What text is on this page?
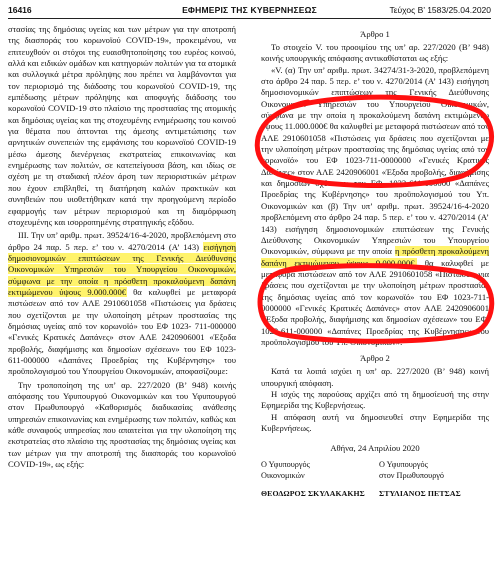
16416	ΕΦΗΜΕΡΙΣ ΤΗΣ ΚΥΒΕΡΝΗΣΕΩΣ	Τεύχος Β’ 1583/25.04.2020

στασίας της δημόσιας υγείας και των μέτρων για την αποτροπή της διασποράς του κορωνοϊού COVID-19», προκειμένου, να επιτευχθούν οι στόχοι της ευαισθητοποίησης του ευρέος κοινού, αλλά και ειδικών ομάδων και κατηγοριών πολιτών για τα ατομικά και συλλογικά μέτρα πρόληψης που πρέπει να λαμβάνονται για τον περιορισμό της διάδοσης του κορωνοϊού COVID-19, της εμπέδωσης μέτρων πρόληψης και αποφυγής διάδοσης του κορωνοϊού COVID-19 στο πλαίσιο της προστασίας της ατομικής και δημόσιας υγείας και της στοχευμένης ενημέρωσης του κοινού για θέματα που άπτονται της άμεσης αντιμετώπισης των αρνητικών συνεπειών της εμφάνισης του κορωνοϊού COVID-19 μέσω άμεσης διενέργειας εκστρατείας επικοινωνίας και ενημέρωσης των πολιτών, σε κατεπείγουσα βάση, και ιδίως σε σχέση με τη σταδιακή πλέον άρση των περιοριστικών μέτρων που έχουν επιβληθεί, τη διατήρηση καλών πρακτικών και συνηθειών που υιοθετήθηκαν κατά την προηγούμενη περίοδο εφαρμογής των μέτρων περιορισμού και τη διαμόρφωση στοχευμένης και ισορροπημένης στρατηγικής εξόδου.

ΙΙΙ. Την υπ’ αριθμ. πρωτ. 39524/16-4-2020, προβλεπόμενη στο άρθρο 24 παρ. 5 περ. ε’ του ν. 4270/2014 (Α’ 143) εισήγηση δημοσιονομικών επιπτώσεων της Γενικής Διεύθυνσης Οικονομικών Υπηρεσιών του Υπουργείου Οικονομικών, σύμφωνα με την οποία η πρόσθετη προκαλούμενη δαπάνη εκτιμώμενου ύψους 9.000.000€ θα καλυφθεί με μεταφορά πιστώσεων από τον ΑΛΕ 2910601058 «Πιστώσεις για δράσεις που σχετίζονται με την υλοποίηση μέτρων προστασίας της δημόσιας υγείας από τον κορωνοϊό» του ΕΦ 1023- 711-000000 «Γενικές Κρατικές Δαπάνες» στον ΑΛΕ 2420906001 «Έξοδα προβολής, διαφήμισης και δημοσίων σχέσεων» του ΕΦ 1023-611-000000 «Δαπάνες Προεδρίας της Κυβέρνησης» του προϋπολογισμού του Υπουργείου Οικονομικών, αποφασίζουμε:

Την τροποποίηση της υπ’ αρ. 227/2020 (Β’ 948) κοινής απόφασης του Υφυπουργού Οικονομικών και του Υφυπουργού στον Πρωθυπουργό «Καθορισμός διαδικασίας ανάθεσης υπηρεσιών επικοινωνίας και ενημέρωσης των πολιτών, καθώς και κάθε συναφούς υπηρεσίας που απαιτείται για την υλοποίηση της εκστρατείας στο πλαίσιο της προστασίας της δημόσιας υγείας και των μέτρων για την αποτροπή της διασποράς του κορωνοϊού COVID-19», ως εξής:

Άρθρο 1

Το στοιχείο V. του προοιμίου της υπ’ αρ. 227/2020 (Β’ 948) κοινής υπουργικής απόφασης αντικαθίσταται ως εξής:

«V. (α) Την υπ’ αριθμ. πρωτ. 34274/31-3-2020, προβλεπόμενη στο άρθρο 24 παρ. 5 περ. ε’ του ν. 4270/2014 (Α’ 143) εισήγηση δημοσιονομικών επιπτώσεων της Γενικής Διεύθυνσης Οικονομικών Υπηρεσιών του Υπουργείου Οικονομικών, σύμφωνα με την οποία η προκαλούμενη δαπάνη εκτιμώμενου ύψους 11.000.000€ θα καλυφθεί με μεταφορά πιστώσεων από τον ΑΛΕ 2910601058 «Πιστώσεις για δράσεις που σχετίζονται με την υλοποίηση μέτρων προστασίας της δημόσιας υγείας από τον κορωνοϊό» του ΕΦ 1023-711-0000000 «Γενικές Κρατικές Δαπάνες» στον ΑΛΕ 2420906001 «Έξοδα προβολής, διαφήμισης και δημοσίων σχέσεων» του ΕΦ. 1023-611-000000 «Δαπάνες Προεδρίας της Κυβέρνησης» του προϋπολογισμού του Υπ. Οικονομικών και (β) Την υπ’ αριθμ. πρωτ. 39524/16-4-2020 προβλεπόμενη στο άρθρο 24 παρ. 5 περ. ε’ του ν. 4270/2014 (Α’ 143) εισήγηση δημοσιονομικών επιπτώσεων της Γενικής Διεύθυνσης Οικονομικών Υπηρεσιών του Υπουργείου Οικονομικών, σύμφωνα με την οποία η πρόσθετη προκαλούμενη δαπάνη εκτιμώμενου ύψους 9.000.000€, θα καλυφθεί με μεταφορά πιστώσεων από τον ΑΛΕ 2910601058 «Πιστώσεις για δράσεις που σχετίζονται με την υλοποίηση μέτρων προστασίας της δημόσιας υγείας από τον κορωνοϊό» του ΕΦ 1023-711-0000000 «Γενικές Κρατικές Δαπάνες» στον ΑΛΕ 2420906001 «Έξοδα προβολής, διαφήμισης και δημοσίων σχέσεων» του ΕΦ. 1023-611-000000 «Δαπάνες Προεδρίας της Κυβέρνησης» του προϋπολογισμού του Υπ. Οικονομικών».

Άρθρο 2

Κατά τα λοιπά ισχύει η υπ’ αρ. 227/2020 (Β’ 948) κοινή υπουργική απόφαση.

Η ισχύς της παρούσας αρχίζει από τη δημοσίευσή της στην Εφημερίδα της Κυβερνήσεως.

Η απόφαση αυτή να δημοσιευθεί στην Εφημερίδα της Κυβερνήσεως.

Αθήνα, 24 Απριλίου 2020
Ο Υφυπουργός
Οικονομικών
ΘΕΟΔΩΡΟΣ ΣΚΥΛΑΚΑΚΗΣ
Ο Υφυπουργός
στον Πρωθυπουργό
ΣΤΥΛΙΑΝΟΣ ΠΕΤΣΑΣ
